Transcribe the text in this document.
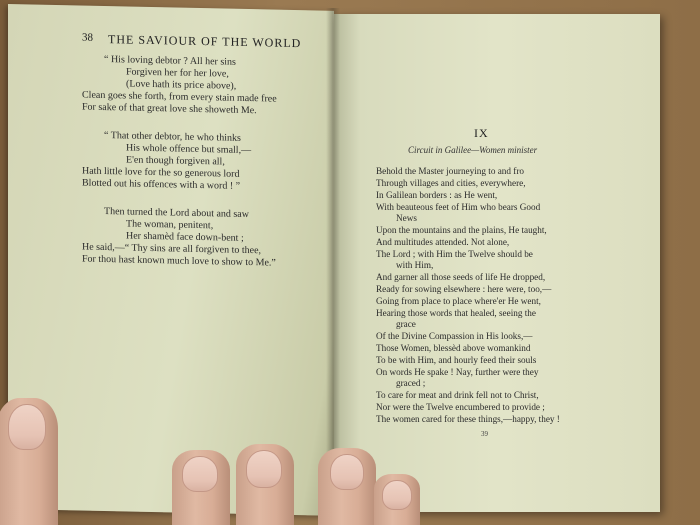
38 THE SAVIOUR OF THE WORLD
“ His loving debtor ? All her sins
Forgiven her for her love,
(Love hath its price above),
Clean goes she forth, from every stain made free
For sake of that great love she showeth Me.
“ That other debtor, he who thinks
His whole offence but small,—
E'en though forgiven all,
Hath little love for the so generous lord
Blotted out his offences with a word ! ”
Then turned the Lord about and saw
The woman, penitent,
Her shamèd face down-bent ;
He said,—“ Thy sins are all forgiven to thee,
For thou hast known much love to show to Me.”
IX
Circuit in Galilee—Women minister
Behold the Master journeying to and fro
Through villages and cities, everywhere,
In Galilean borders : as He went,
With beauteous feet of Him who bears Good
News
Upon the mountains and the plains, He taught,
And multitudes attended. Not alone,
The Lord ; with Him the Twelve should be
with Him,
And garner all those seeds of life He dropped,
Ready for sowing elsewhere : here were, too,—
Going from place to place where'er He went,
Hearing those words that healed, seeing the
grace
Of the Divine Compassion in His looks,—
Those Women, blessèd above womankind
To be with Him, and hourly feed their souls
On words He spake ! Nay, further were they
graced ;
To care for meat and drink fell not to Christ,
Nor were the Twelve encumbered to provide ;
The women cared for these things,—happy, they !
39
